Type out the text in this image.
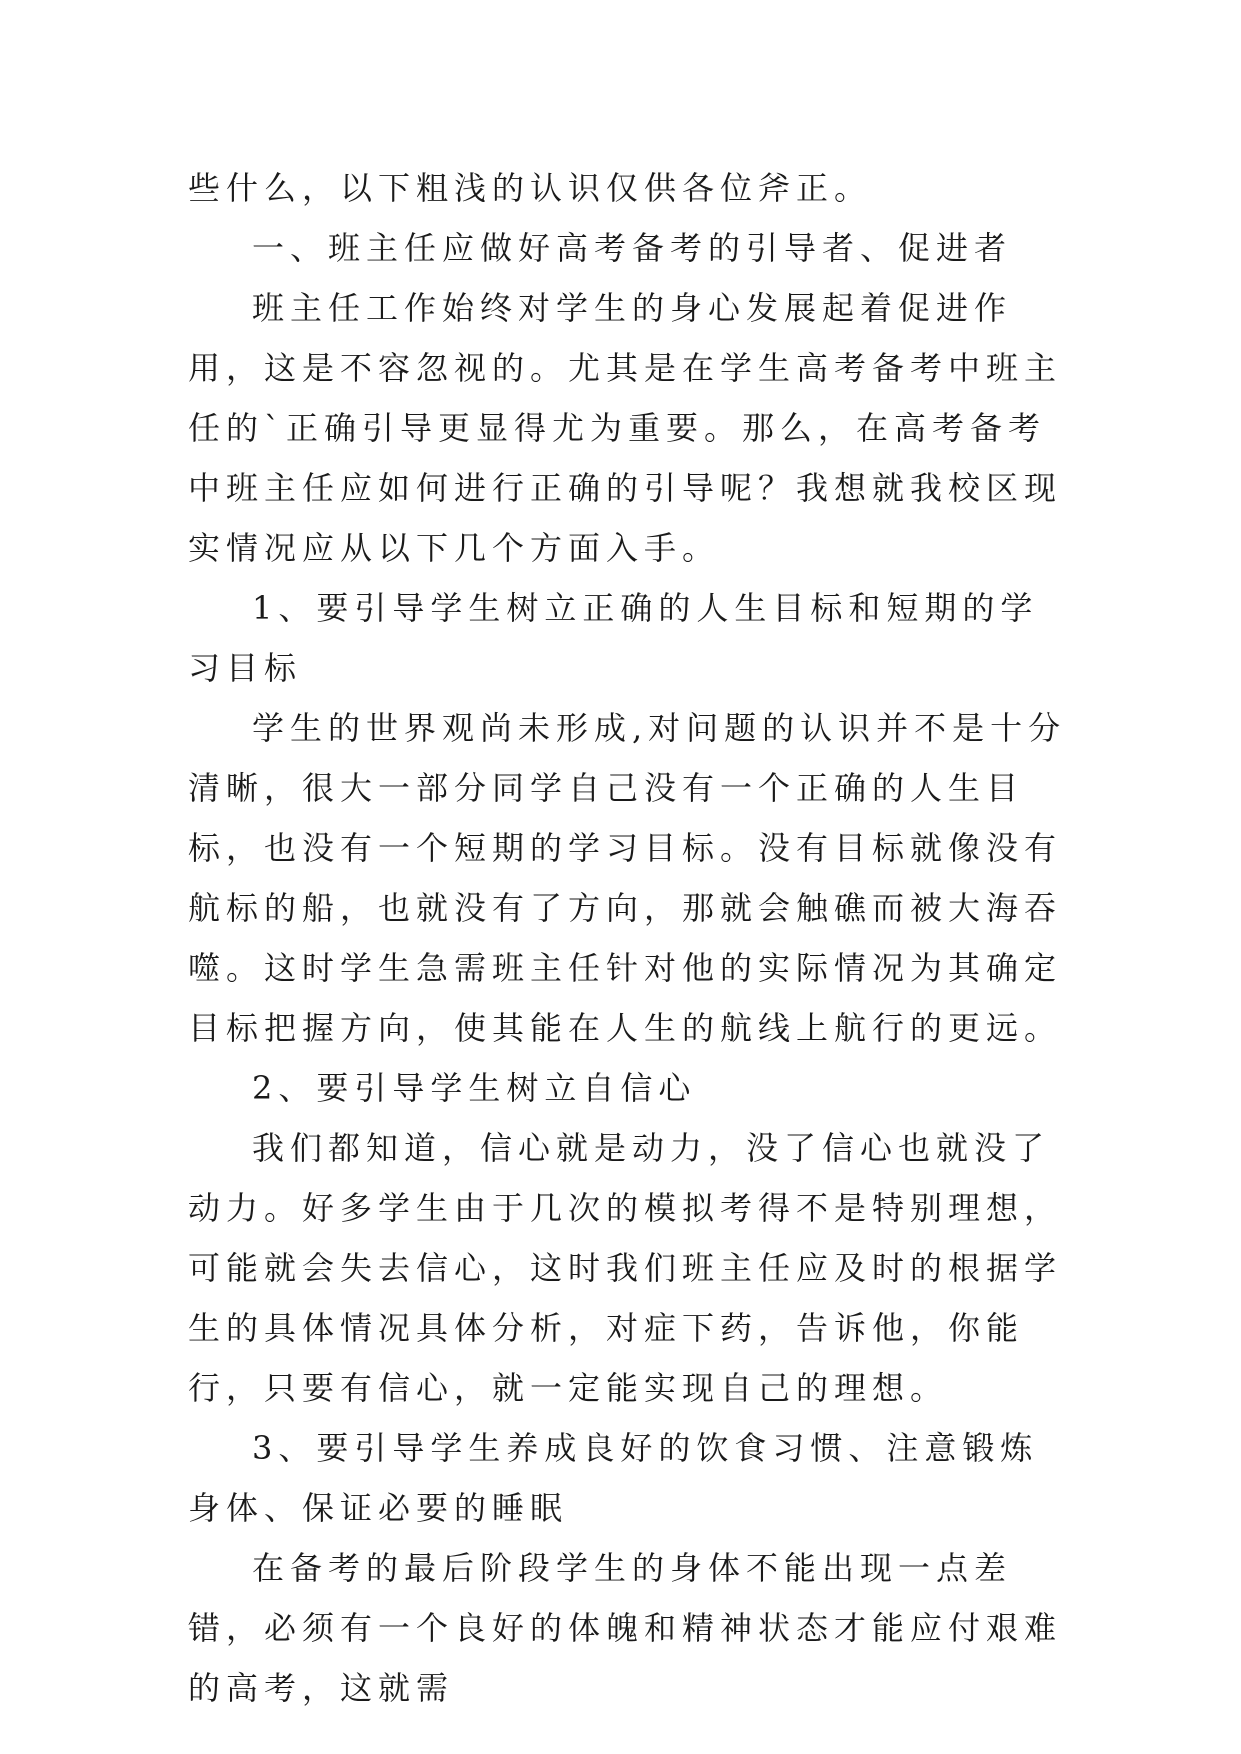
些什么，以下粗浅的认识仅供各位斧正。

一、班主任应做好高考备考的引导者、促进者

班主任工作始终对学生的身心发展起着促进作用，这是不容忽视的。尤其是在学生高考备考中班主任的`正确引导更显得尤为重要。那么，在高考备考中班主任应如何进行正确的引导呢？我想就我校区现实情况应从以下几个方面入手。

1、要引导学生树立正确的人生目标和短期的学习目标

学生的世界观尚未形成,对问题的认识并不是十分清晰，很大一部分同学自己没有一个正确的人生目标，也没有一个短期的学习目标。没有目标就像没有航标的船，也就没有了方向，那就会触礁而被大海吞噬。这时学生急需班主任针对他的实际情况为其确定目标把握方向，使其能在人生的航线上航行的更远。

2、要引导学生树立自信心

我们都知道，信心就是动力，没了信心也就没了动力。好多学生由于几次的模拟考得不是特别理想，可能就会失去信心，这时我们班主任应及时的根据学生的具体情况具体分析，对症下药，告诉他，你能行，只要有信心，就一定能实现自己的理想。

3、要引导学生养成良好的饮食习惯、注意锻炼身体、保证必要的睡眠

在备考的最后阶段学生的身体不能出现一点差错，必须有一个良好的体魄和精神状态才能应付艰难的高考，这就需
